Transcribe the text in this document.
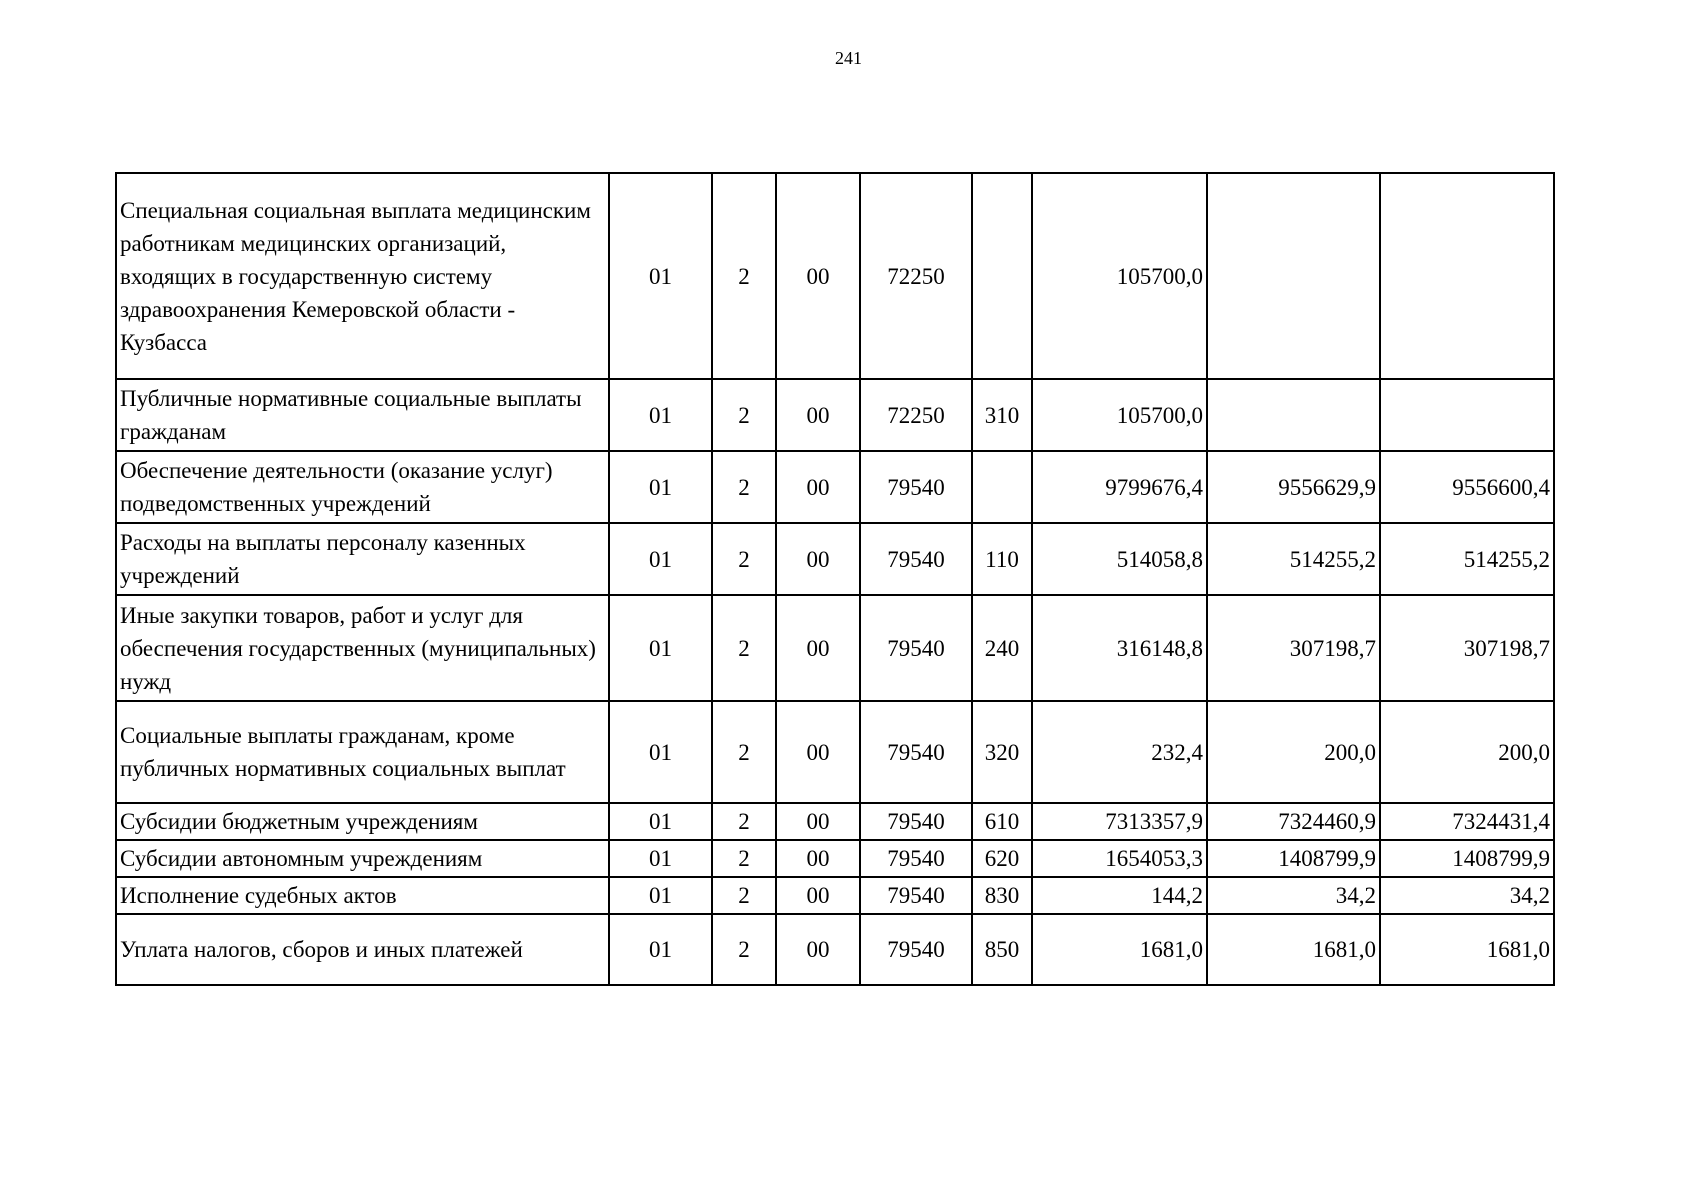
241
Специальная социальная выплата медицинским работникам медицинских организаций, входящих в государственную систему здравоохранения Кемеровской области - Кузбасса	01	2	00	72250		105700,0		
Публичные нормативные социальные выплаты гражданам	01	2	00	72250	310	105700,0		
Обеспечение деятельности (оказание услуг) подведомственных учреждений	01	2	00	79540		9799676,4	9556629,9	9556600,4
Расходы на выплаты персоналу казенных учреждений	01	2	00	79540	110	514058,8	514255,2	514255,2
Иные закупки товаров, работ и услуг для обеспечения государственных (муниципальных) нужд	01	2	00	79540	240	316148,8	307198,7	307198,7
Социальные выплаты гражданам, кроме публичных нормативных социальных выплат	01	2	00	79540	320	232,4	200,0	200,0
Субсидии бюджетным учреждениям	01	2	00	79540	610	7313357,9	7324460,9	7324431,4
Субсидии автономным учреждениям	01	2	00	79540	620	1654053,3	1408799,9	1408799,9
Исполнение судебных актов	01	2	00	79540	830	144,2	34,2	34,2
Уплата налогов, сборов и иных платежей	01	2	00	79540	850	1681,0	1681,0	1681,0
